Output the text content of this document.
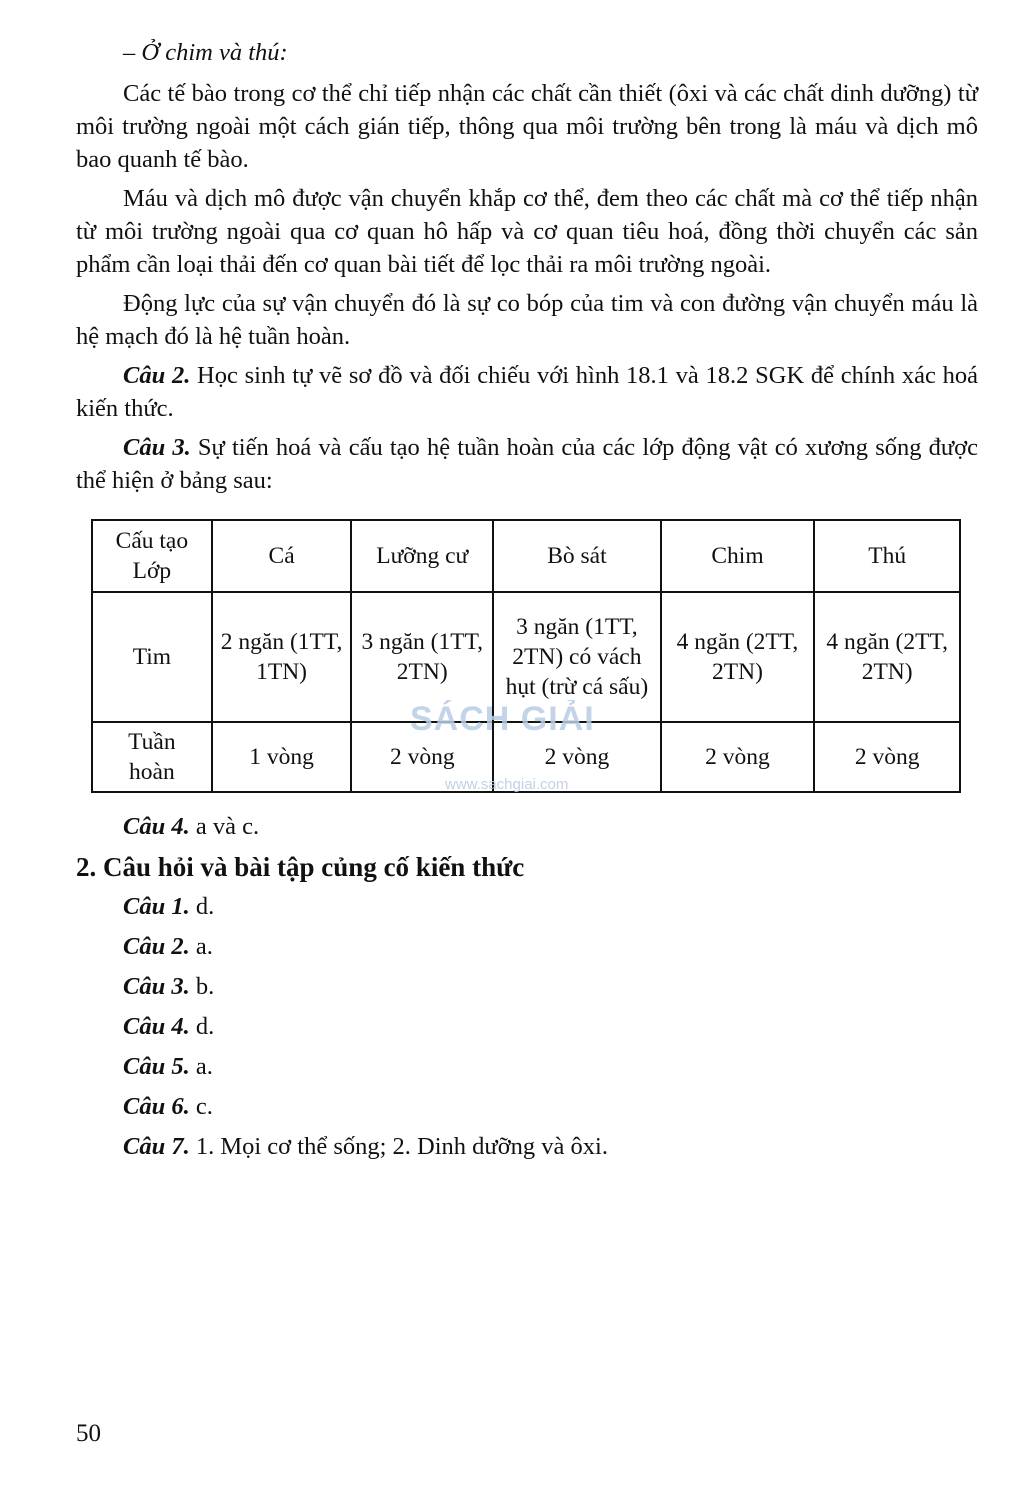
– Ở chim và thú:

Các tế bào trong cơ thể chỉ tiếp nhận các chất cần thiết (ôxi và các chất dinh dưỡng) từ môi trường ngoài một cách gián tiếp, thông qua môi trường bên trong là máu và dịch mô bao quanh tế bào.

Máu và dịch mô được vận chuyển khắp cơ thể, đem theo các chất mà cơ thể tiếp nhận từ môi trường ngoài qua cơ quan hô hấp và cơ quan tiêu hoá, đồng thời chuyển các sản phẩm cần loại thải đến cơ quan bài tiết để lọc thải ra môi trường ngoài.

Động lực của sự vận chuyển đó là sự co bóp của tim và con đường vận chuyển máu là hệ mạch đó là hệ tuần hoàn.

Câu 2. Học sinh tự vẽ sơ đồ và đối chiếu với hình 18.1 và 18.2 SGK để chính xác hoá kiến thức.

Câu 3. Sự tiến hoá và cấu tạo hệ tuần hoàn của các lớp động vật có xương sống được thể hiện ở bảng sau:

Cấu tạo
Lớp	Cá	Lưỡng cư	Bò sát	Chim	Thú
Tim	2 ngăn (1TT, 1TN)	3 ngăn (1TT, 2TN)	3 ngăn (1TT, 2TN) có vách hụt (trừ cá sấu)	4 ngăn (2TT, 2TN)	4 ngăn (2TT, 2TN)

Tuần
hoàn	1 vòng	2 vòng	2 vòng	2 vòng	2 vòng

Câu 4. a và c.

2. Câu hỏi và bài tập củng cố kiến thức

Câu 1. d.

Câu 2. a.

Câu 3. b.

Câu 4. d.

Câu 5. a.

Câu 6. c.

Câu 7. 1. Mọi cơ thể sống; 2. Dinh dưỡng và ôxi.

SÁCH GIẢI
www.sachgiai.com
50
